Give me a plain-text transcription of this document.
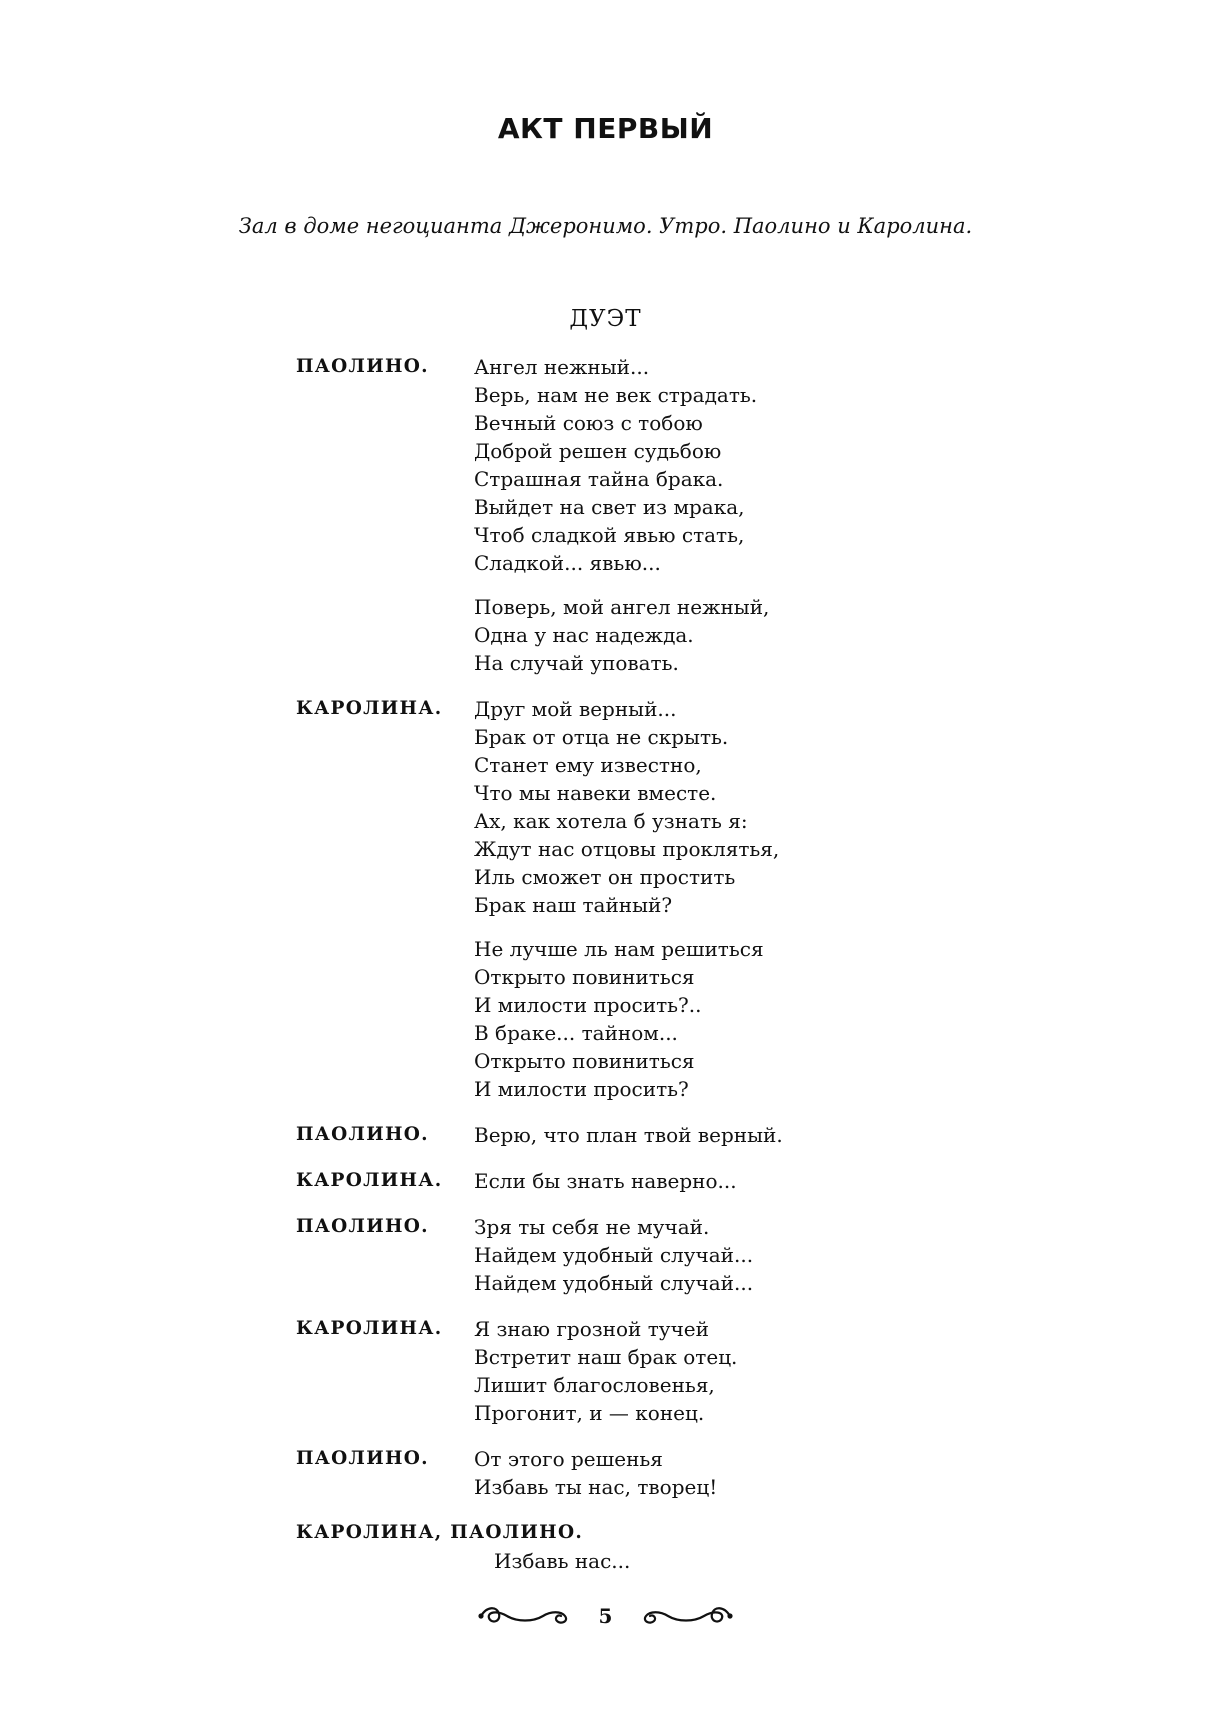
АКТ ПЕРВЫЙ
Зал в доме негоцианта Джеронимо. Утро. Паолино и Каролина.
ДУЭТ
ПАОЛИНО.	Ангел нежный...
Верь, нам не век страдать.
Вечный союз с тобою
Доброй решен судьбою
Страшная тайна брака.
Выйдет на свет из мрака,
Чтоб сладкой явью стать,
Сладкой... явью...
Поверь, мой ангел нежный,
Одна у нас надежда.
На случай уповать.
КАРОЛИНА.	Друг мой верный...
Брак от отца не скрыть.
Станет ему известно,
Что мы навеки вместе.
Ах, как хотела б узнать я:
Ждут нас отцовы проклятья,
Иль сможет он простить
Брак наш тайный?
Не лучше ль нам решиться
Открыто повиниться
И милости просить?..
В браке... тайном...
Открыто повиниться
И милости просить?
ПАОЛИНО.	Верю, что план твой верный.
КАРОЛИНА.	Если бы знать наверно...
ПАОЛИНО.	Зря ты себя не мучай.
Найдем удобный случай...
Найдем удобный случай...
КАРОЛИНА.	Я знаю грозной тучей
Встретит наш брак отец.
Лишит благословенья,
Прогонит, и — конец.
ПАОЛИНО.	От этого решенья
Избавь ты нас, творец!
КАРОЛИНА, ПАОЛИНО.
Избавь нас...
5
